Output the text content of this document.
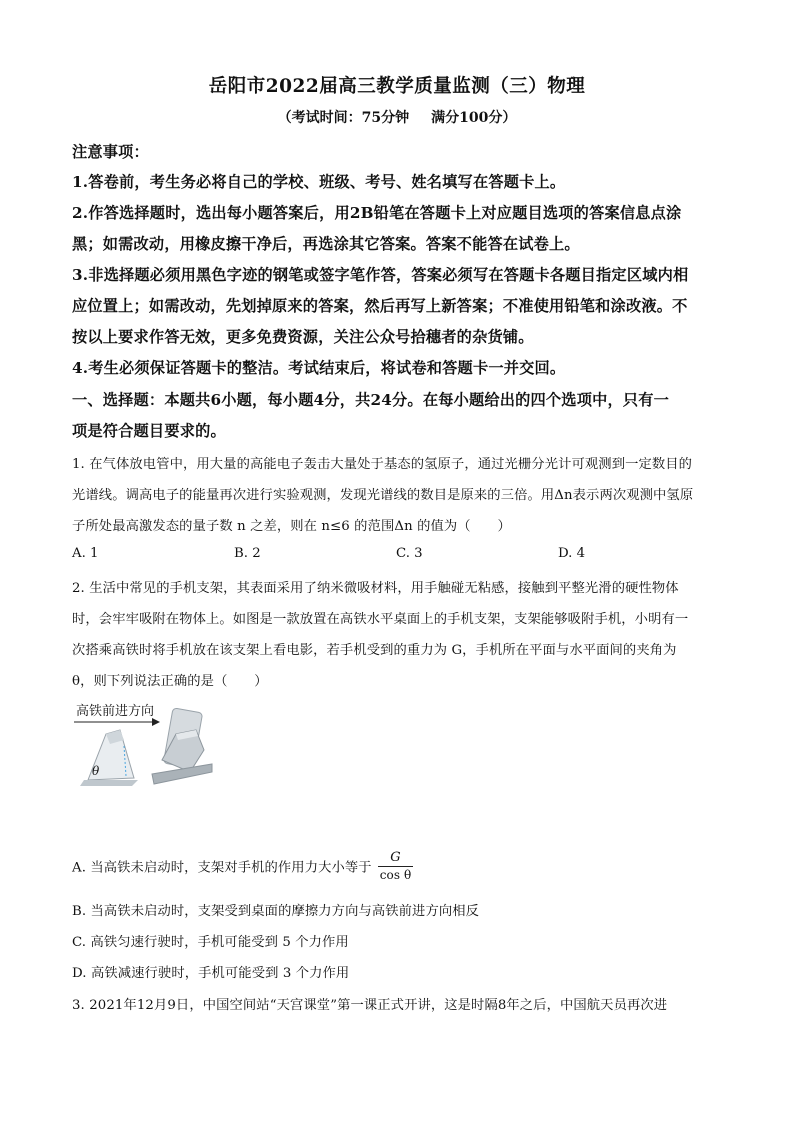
岳阳市2022届高三教学质量监测（三）物理
（考试时间：75分钟 满分100分）
注意事项：
1.答卷前，考生务必将自己的学校、班级、考号、姓名填写在答题卡上。
2.作答选择题时，选出每小题答案后，用2B铅笔在答题卡上对应题目选项的答案信息点涂
黑；如需改动，用橡皮擦干净后，再选涂其它答案。答案不能答在试卷上。
3.非选择题必须用黑色字迹的钢笔或签字笔作答，答案必须写在答题卡各题目指定区域内相
应位置上；如需改动，先划掉原来的答案，然后再写上新答案；不准使用铅笔和涂改液。不
按以上要求作答无效，更多免费资源，关注公众号拾穗者的杂货铺。
4.考生必须保证答题卡的整洁。考试结束后，将试卷和答题卡一并交回。
一、选择题：本题共6小题，每小题4分，共24分。在每小题给出的四个选项中，只有一
项是符合题目要求的。
1. 在气体放电管中，用大量的高能电子轰击大量处于基态的氢原子，通过光栅分光计可观测到一定数目的
光谱线。调高电子的能量再次进行实验观测，发现光谱线的数目是原来的三倍。用Δn表示两次观测中氢原
子所处最高激发态的量子数 n 之差，则在 n≤6 的范围Δn 的值为（　　）
A. 1	B. 2	C. 3	D. 4
2. 生活中常见的手机支架，其表面采用了纳米微吸材料，用手触碰无粘感，接触到平整光滑的硬性物体
时，会牢牢吸附在物体上。如图是一款放置在高铁水平桌面上的手机支架，支架能够吸附手机，小明有一
次搭乘高铁时将手机放在该支架上看电影，若手机受到的重力为 G，手机所在平面与水平面间的夹角为
θ，则下列说法正确的是（　　）
高铁前进方向
θ
A. 当高铁未启动时，支架对手机的作用力大小等于 $\frac{G}{\text{cos θ}}$
B. 当高铁未启动时，支架受到桌面的摩擦力方向与高铁前进方向相反
C. 高铁匀速行驶时，手机可能受到 5 个力作用
D. 高铁减速行驶时，手机可能受到 3 个力作用
3. 2021年12月9日，中国空间站“天宫课堂”第一课正式开讲，这是时隔8年之后，中国航天员再次进
